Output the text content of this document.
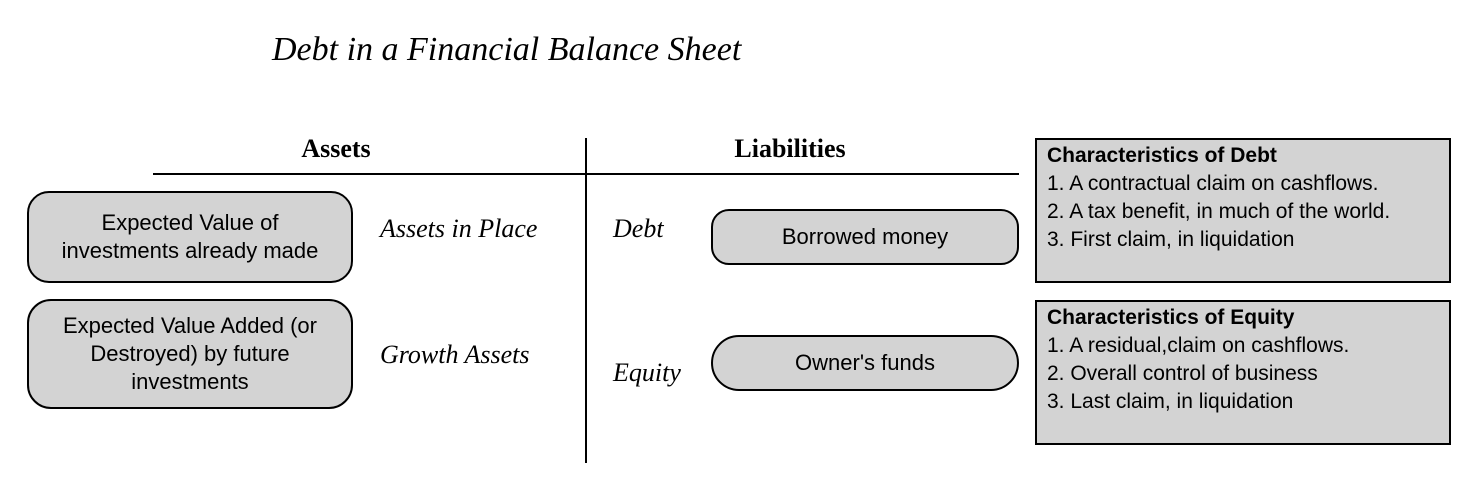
Debt in a Financial Balance Sheet
Assets	Liabilities
Expected Value of
investments already made
Assets in Place
Expected Value Added (or
Destroyed) by future
investments
Growth Assets
Debt	Borrowed money
Equity	Owner's funds
Characteristics of Debt
1. A contractual claim on cashflows.
2. A tax benefit, in much of the world.
3. First claim, in liquidation
Characteristics of Equity
1. A residual,claim on cashflows.
2. Overall control of business
3. Last claim, in liquidation
